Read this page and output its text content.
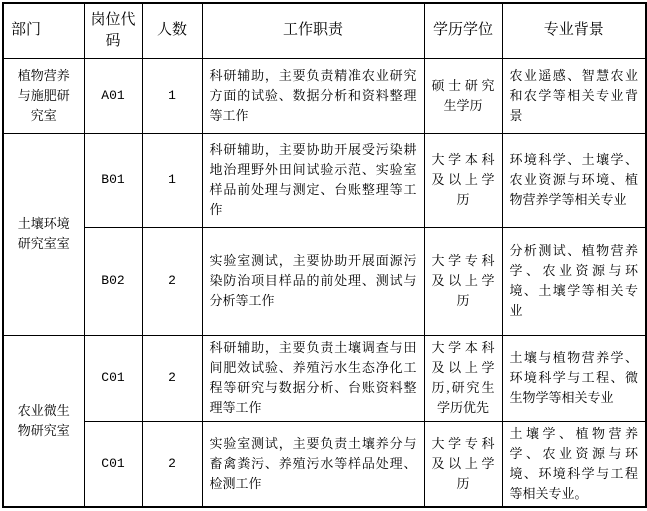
部门	岗位代码	人数	工作职责	学历学位	专业背景
植物营养与施肥研究室	A01	1	科研辅助，主要负责精准农业研究方面的试验、数据分析和资料整理等工作	硕士研究生学历	农业遥感、智慧农业和农学等相关专业背景
土壤环境研究室室	B01	1	科研辅助，主要协助开展受污染耕地治理野外田间试验示范、实验室样品前处理与测定、台账整理等工作	大学本科及以上学历	环境科学、土壤学、农业资源与环境、植物营养学等相关专业
	B02	2	实验室测试，主要协助开展面源污染防治项目样品的前处理、测试与分析等工作	大学专科及以上学历	分析测试、植物营养学、农业资源与环境、土壤学等相关专业
农业微生物研究室	C01	2	科研辅助，主要负责土壤调查与田间肥效试验、养殖污水生态净化工程等研究与数据分析、台账资料整理等工作	大学本科及以上学历,研究生学历优先	土壤与植物营养学、环境科学与工程、微生物学等相关专业
	C01	2	实验室测试，主要负责土壤养分与畜禽粪污、养殖污水等样品处理、检测工作	大学专科及以上学历	土壤学、植物营养学、农业资源与环境、环境科学与工程等相关专业。
